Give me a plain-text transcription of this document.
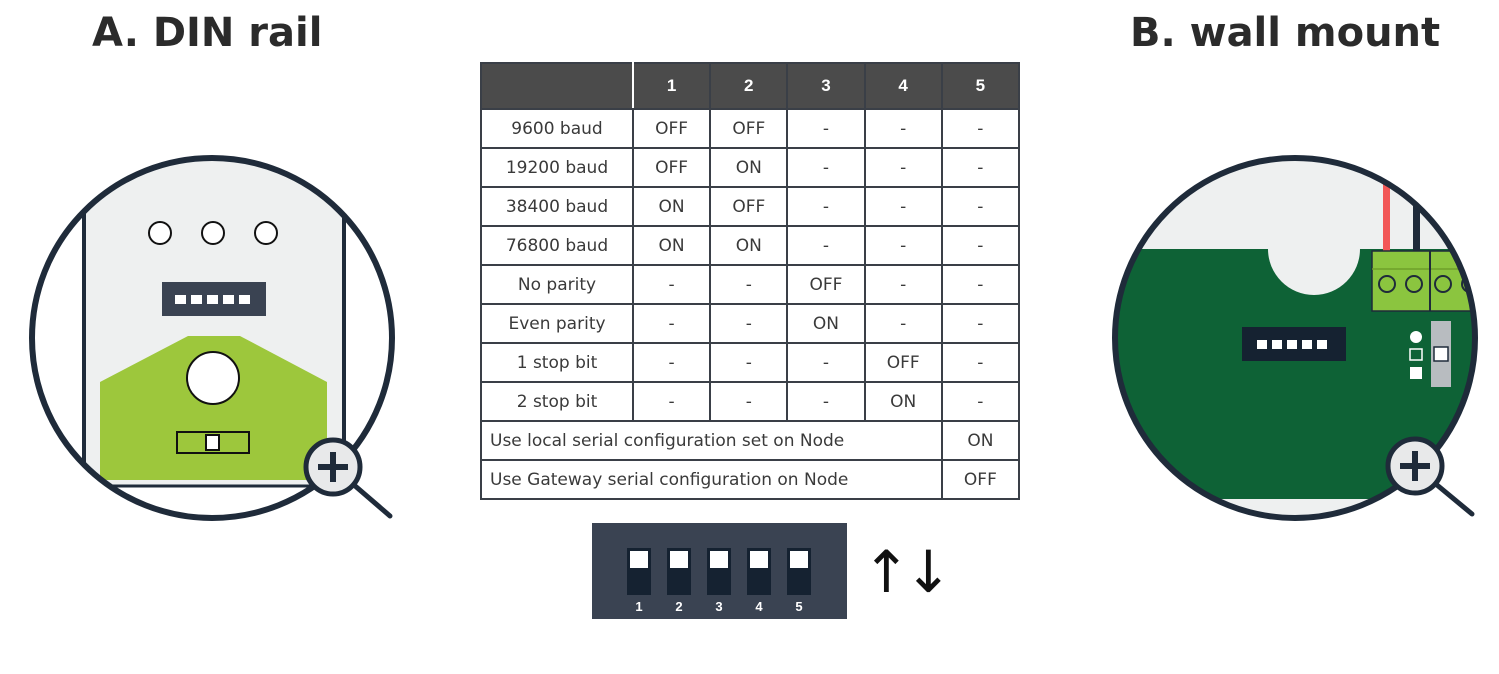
A. DIN rail	B. wall mount
	1	2	3	4	5
9600 baud	OFF	OFF	-	-	-
19200 baud	OFF	ON	-	-	-
38400 baud	ON	OFF	-	-	-
76800 baud	ON	ON	-	-	-
No parity	-	-	OFF	-	-
Even parity	-	-	ON	-	-
1 stop bit	-	-	-	OFF	-
2 stop bit	-	-	-	ON	-
Use local serial configuration set on Node					ON
Use Gateway serial configuration on Node					OFF
1	2	3	4	5
↑
↓
